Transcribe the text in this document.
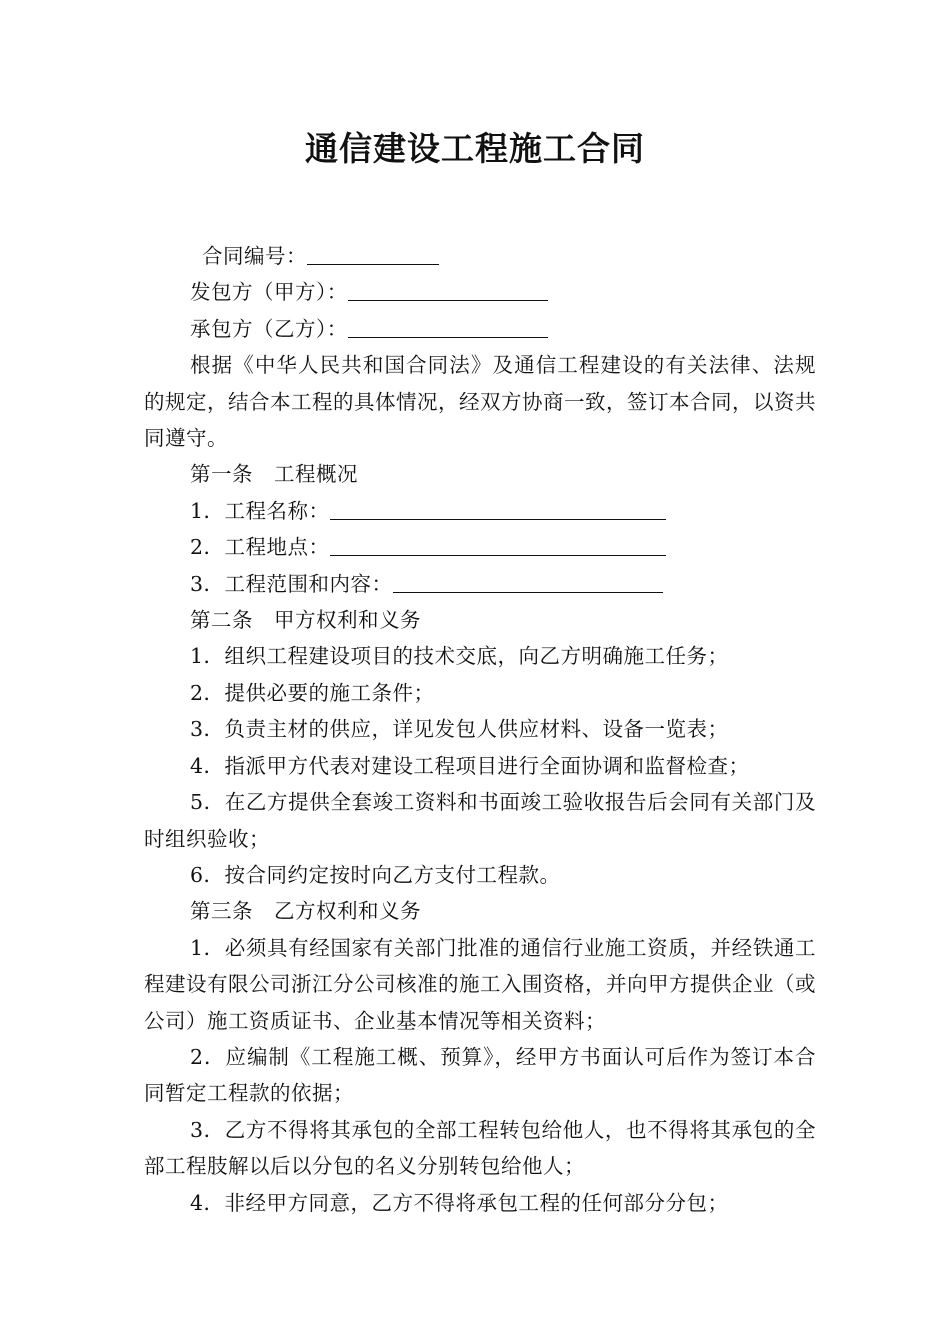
通信建设工程施工合同

合同编号：

发包方（甲方）：

承包方（乙方）：

根据《中华人民共和国合同法》及通信工程建设的有关法律、法规的规定，结合本工程的具体情况，经双方协商一致，签订本合同，以资共同遵守。

第一条　工程概况

1．工程名称：

2．工程地点：

3．工程范围和内容：

第二条　甲方权利和义务

1．组织工程建设项目的技术交底，向乙方明确施工任务；

2．提供必要的施工条件；

3．负责主材的供应，详见发包人供应材料、设备一览表；

4．指派甲方代表对建设工程项目进行全面协调和监督检查；

5．在乙方提供全套竣工资料和书面竣工验收报告后会同有关部门及时组织验收；

6．按合同约定按时向乙方支付工程款。

第三条　乙方权利和义务

1．必须具有经国家有关部门批准的通信行业施工资质，并经铁通工程建设有限公司浙江分公司核准的施工入围资格，并向甲方提供企业（或公司）施工资质证书、企业基本情况等相关资料；

2．应编制《工程施工概、预算》，经甲方书面认可后作为签订本合同暂定工程款的依据；

3．乙方不得将其承包的全部工程转包给他人，也不得将其承包的全部工程肢解以后以分包的名义分别转包给他人；

4．非经甲方同意，乙方不得将承包工程的任何部分分包；
